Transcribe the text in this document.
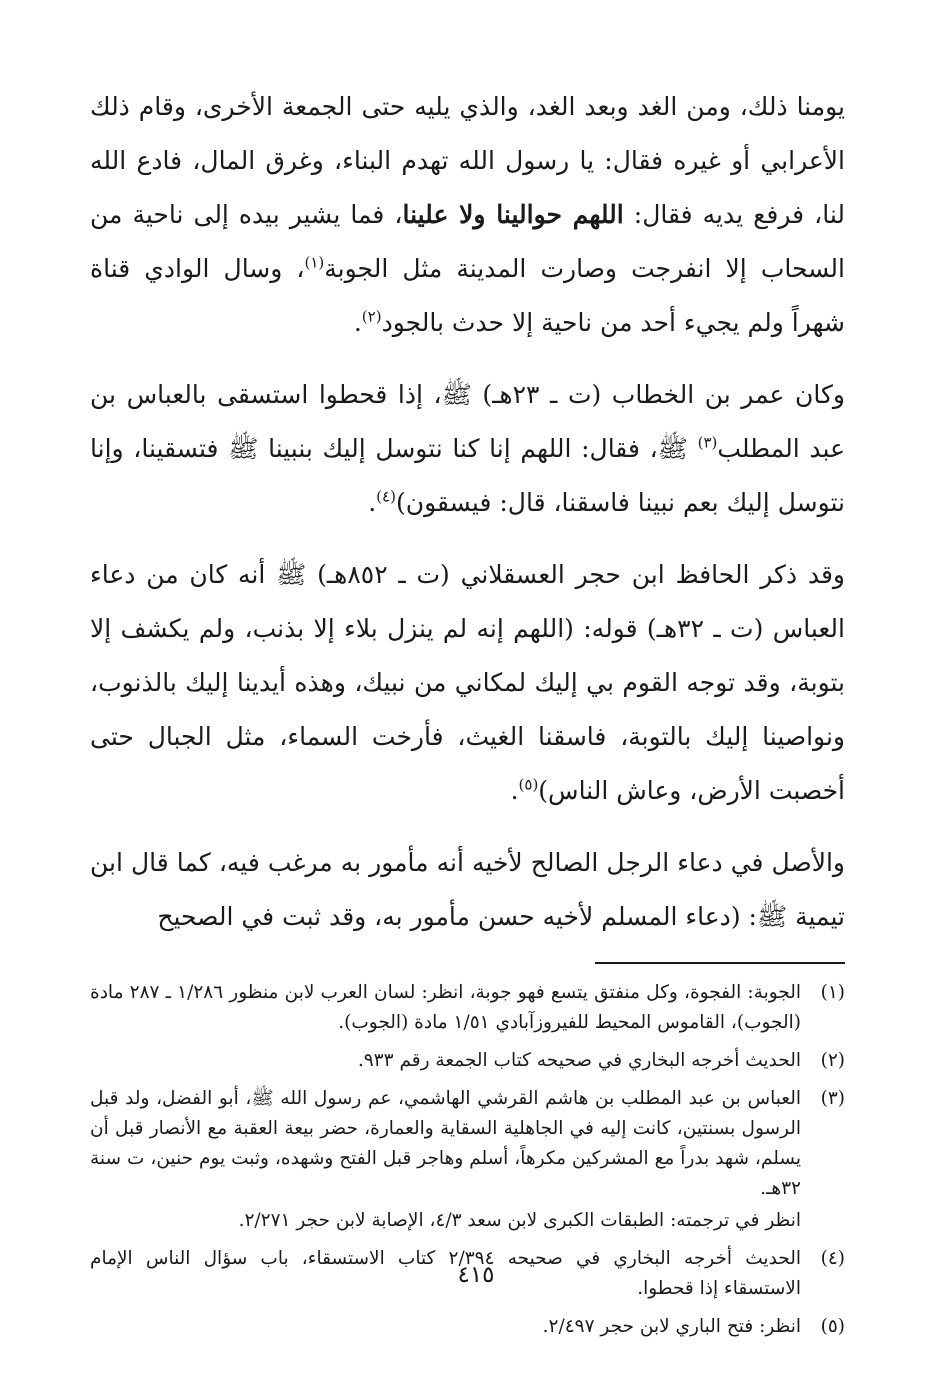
يومنا ذلك، ومن الغد وبعد الغد، والذي يليه حتى الجمعة الأخرى، وقام ذلك الأعرابي أو غيره فقال: يا رسول الله تهدم البناء، وغرق المال، فادع الله لنا، فرفع يديه فقال: اللهم حوالينا ولا علينا، فما يشير بيده إلى ناحية من السحاب إلا انفرجت وصارت المدينة مثل الجوبة$^{(١)}$، وسال الوادي قناة شهراً ولم يجيء أحد من ناحية إلا حدث بالجود$^{(٢)}$.

وكان عمر بن الخطاب (ت ـ ٢٣هـ) ﷺ، إذا قحطوا استسقى بالعباس بن عبد المطلب$^{(٣)}$ ﷺ، فقال: اللهم إنا كنا نتوسل إليك بنبينا ﷺ فتسقينا، وإنا نتوسل إليك بعم نبينا فاسقنا، قال: فيسقون)$^{(٤)}$.

وقد ذكر الحافظ ابن حجر العسقلاني (ت ـ ٨٥٢هـ) ﷺ أنه كان من دعاء العباس (ت ـ ٣٢هـ) قوله: (اللهم إنه لم ينزل بلاء إلا بذنب، ولم يكشف إلا بتوبة، وقد توجه القوم بي إليك لمكاني من نبيك، وهذه أيدينا إليك بالذنوب، ونواصينا إليك بالتوبة، فاسقنا الغيث، فأرخت السماء، مثل الجبال حتى أخصبت الأرض، وعاش الناس)$^{(٥)}$.

والأصل في دعاء الرجل الصالح لأخيه أنه مأمور به مرغب فيه، كما قال ابن تيمية ﷺ: (دعاء المسلم لأخيه حسن مأمور به، وقد ثبت في الصحيح

(١)
الجوبة: الفجوة، وكل منفتق يتسع فهو جوبة، انظر: لسان العرب لابن منظور ١/٢٨٦ ـ ٢٨٧ مادة (الجوب)، القاموس المحيط للفيروزآبادي ١/٥١ مادة (الجوب).
(٢)
الحديث أخرجه البخاري في صحيحه كتاب الجمعة رقم ٩٣٣.
(٣)
العباس بن عبد المطلب بن هاشم القرشي الهاشمي، عم رسول الله ﷺ، أبو الفضل، ولد قبل الرسول بسنتين، كانت إليه في الجاهلية السقاية والعمارة، حضر بيعة العقبة مع الأنصار قبل أن يسلم، شهد بدراً مع المشركين مكرهاً، أسلم وهاجر قبل الفتح وشهده، وثبت يوم حنين، ت سنة ٣٢هـ.
انظر في ترجمته: الطبقات الكبرى لابن سعد ٤/٣، الإصابة لابن حجر ٢/٢٧١.
(٤)
الحديث أخرجه البخاري في صحيحه ٢/٣٩٤ كتاب الاستسقاء، باب سؤال الناس الإمام الاستسقاء إذا قحطوا.
(٥)
انظر: فتح الباري لابن حجر ٢/٤٩٧.
٤١٥
